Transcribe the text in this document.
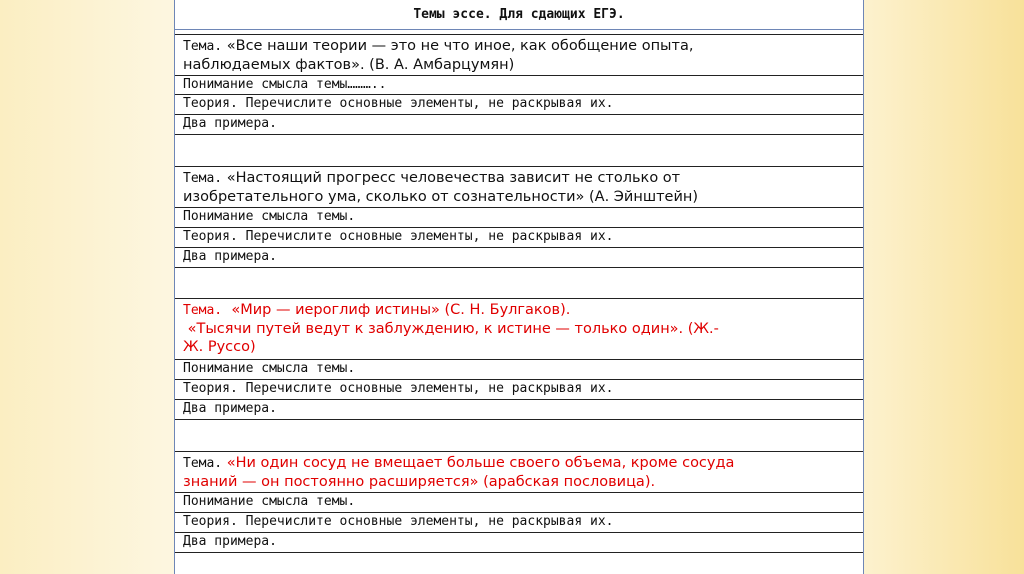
Темы эссе. Для сдающих ЕГЭ.
Тема. «Все наши теории — это не что иное, как обобщение опыта,
наблюдаемых фактов». (В. А. Амбарцумян)
Понимание смысла темы………..
Теория. Перечислите основные элементы, не раскрывая их.
Два примера.
Тема. «Настоящий прогресс человечества зависит не столько от
изобретательного ума, сколько от сознательности» (А. Эйнштейн)
Понимание смысла темы.
Теория. Перечислите основные элементы, не раскрывая их.
Два примера.
Тема. «Мир — иероглиф истины» (С. Н. Булгаков).
«Тысячи путей ведут к заблуждению, к истине — только один». (Ж.-
Ж. Руссо)
Понимание смысла темы.
Теория. Перечислите основные элементы, не раскрывая их.
Два примера.
Тема. «Ни один сосуд не вмещает больше своего объема, кроме сосуда
знаний — он постоянно расширяется» (арабская пословица).
Понимание смысла темы.
Теория. Перечислите основные элементы, не раскрывая их.
Два примера.
